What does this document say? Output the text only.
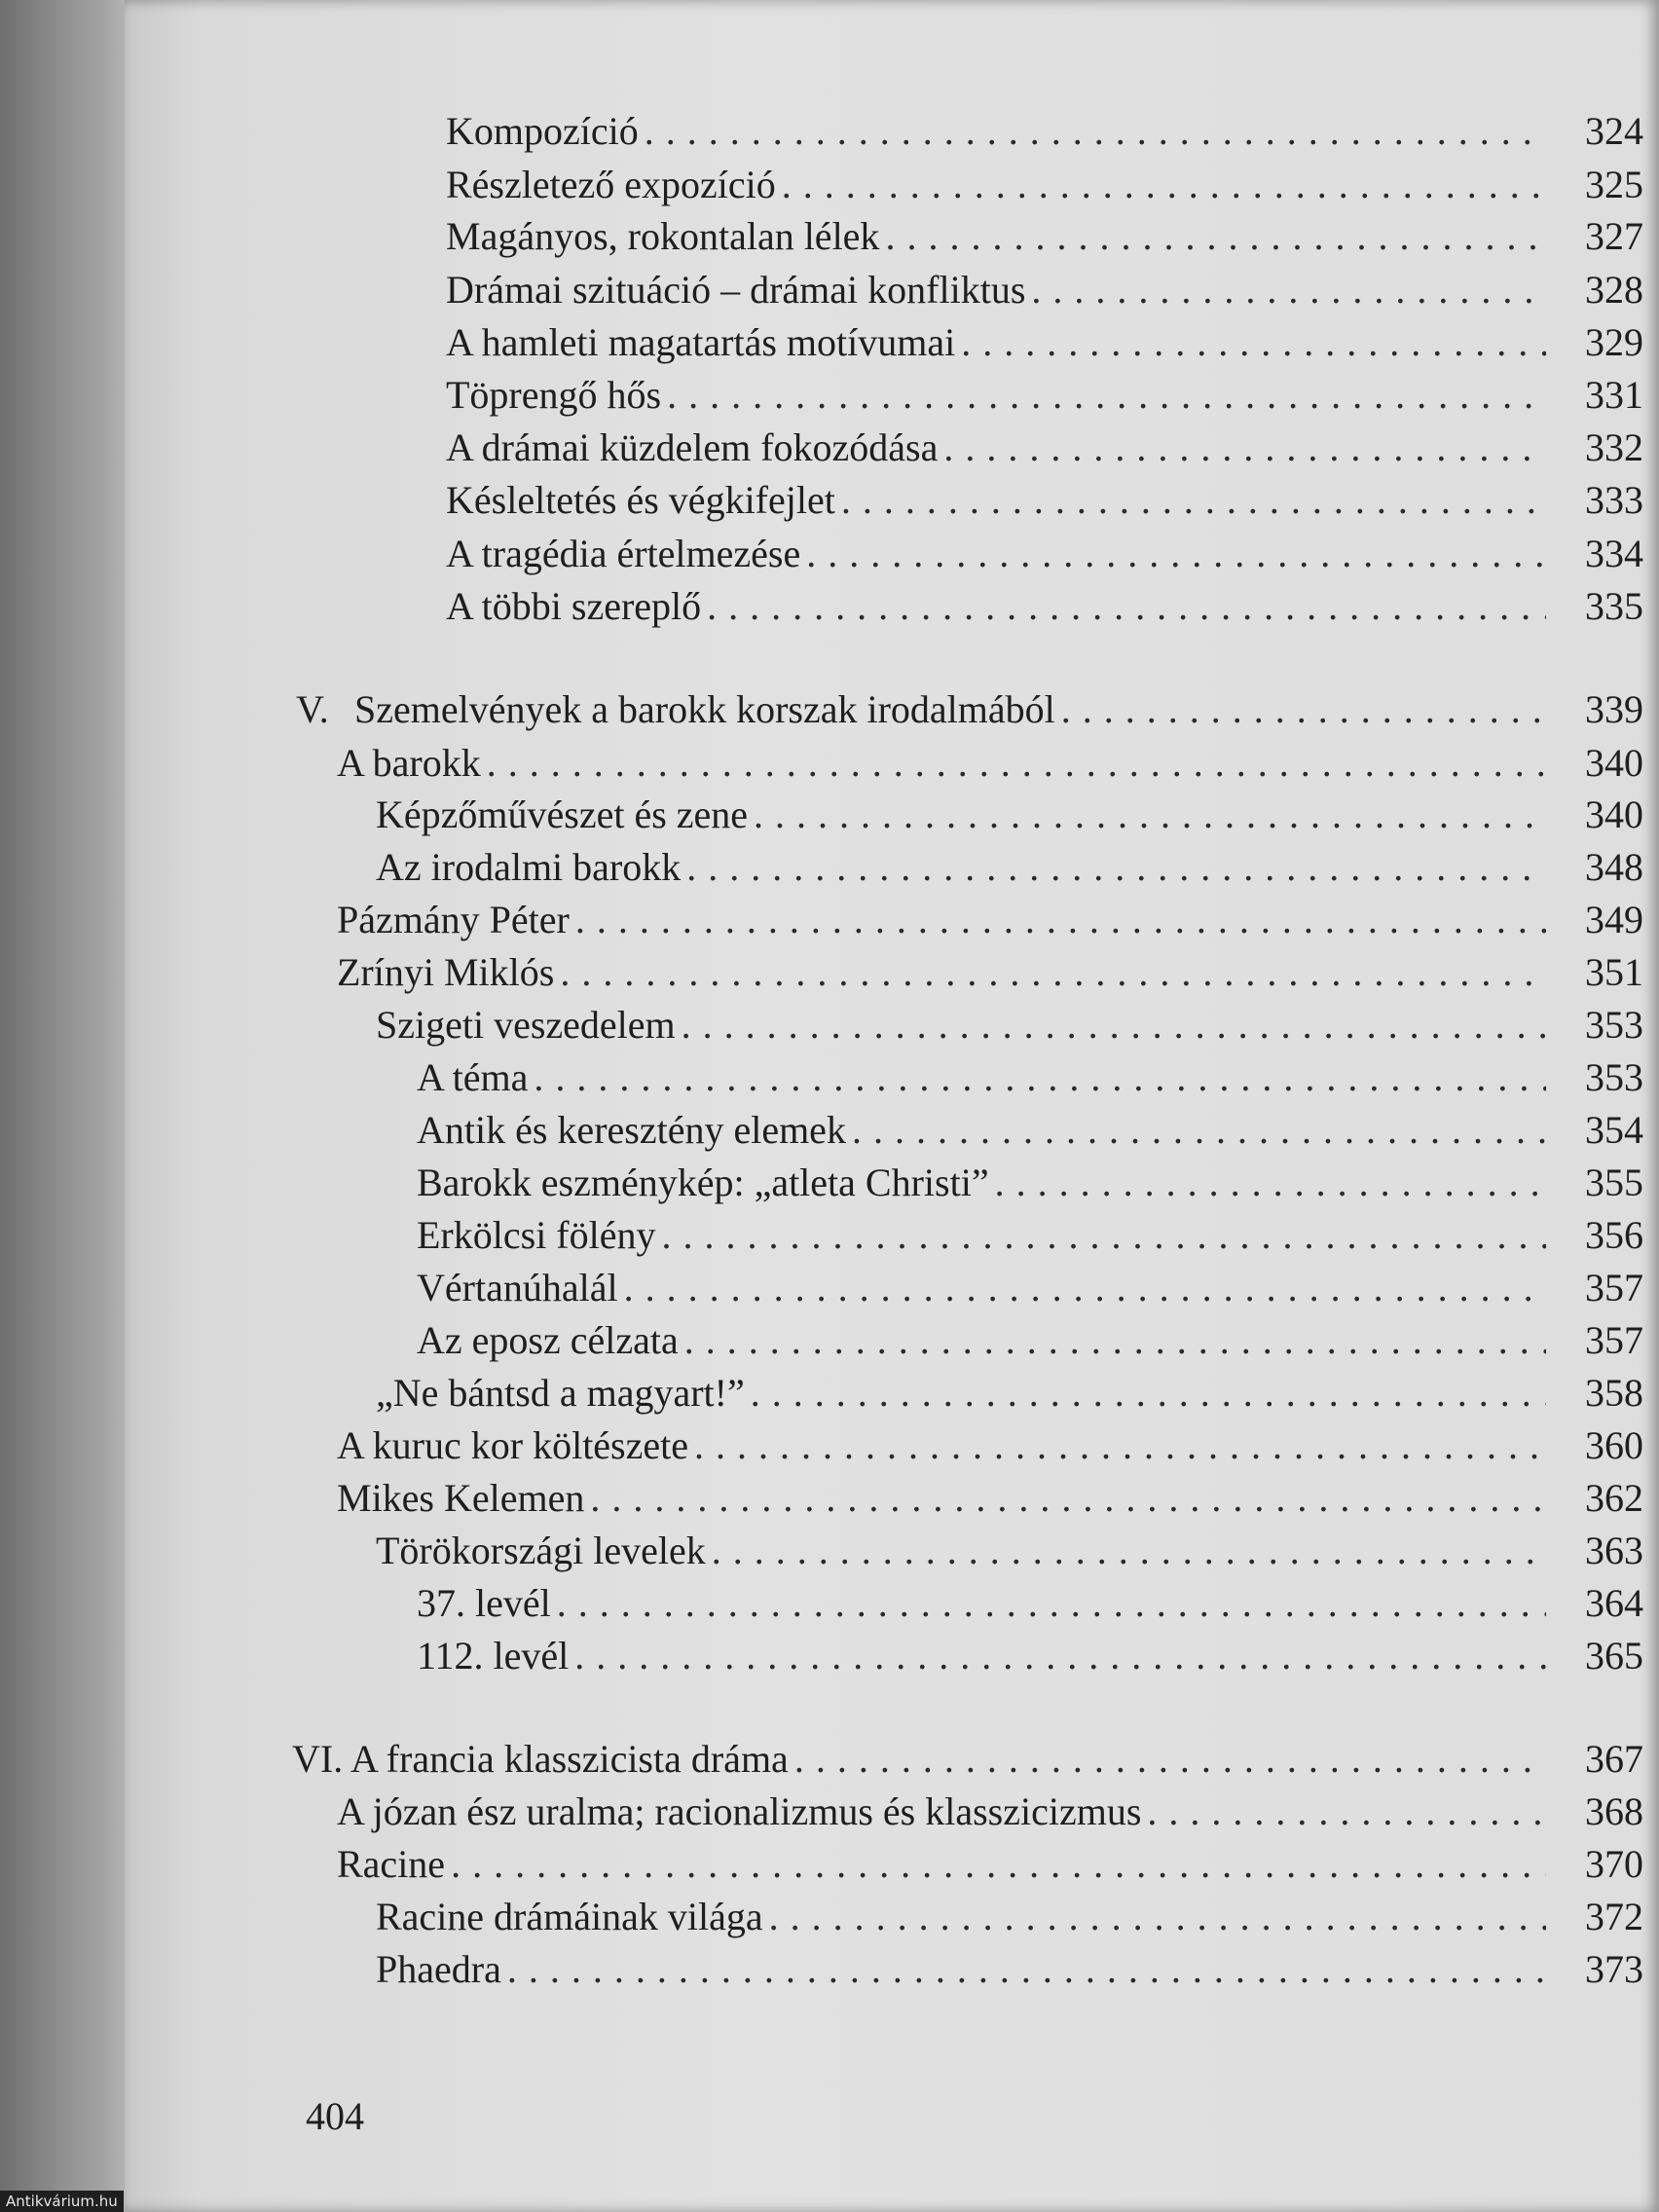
Kompozíció . . .	324
Részletező expozíció . . .	325
Magányos, rokontalan lélek . . .	327
Drámai szituáció – drámai konfliktus . . .	328
A hamleti magatartás motívumai . . .	329
Töprengő hős . . .	331
A drámai küzdelem fokozódása . . .	332
Késleltetés és végkifejlet . . .	333
A tragédia értelmezése . . .	334
A többi szereplő . . .	335
V. Szemelvények a barokk korszak irodalmából . . .	339
A barokk . . .	340
Képzőművészet és zene . . .	340
Az irodalmi barokk . . .	348
Pázmány Péter . . .	349
Zrínyi Miklós . . .	351
Szigeti veszedelem . . .	353
A téma . . .	353
Antik és keresztény elemek . . .	354
Barokk eszménykép: „atleta Christi” . . .	355
Erkölcsi fölény . . .	356
Vértanúhalál . . .	357
Az eposz célzata . . .	357
„Ne bántsd a magyart!” . . .	358
A kuruc kor költészete . . .	360
Mikes Kelemen . . .	362
Törökországi levelek . . .	363
37. levél . . .	364
112. levél . . .	365
VI. A francia klasszicista dráma . . .	367
A józan ész uralma; racionalizmus és klasszicizmus . . .	368
Racine . . .	370
Racine drámáinak világa . . .	372
Phaedra . . .	373
404
Antikvárium.hu
